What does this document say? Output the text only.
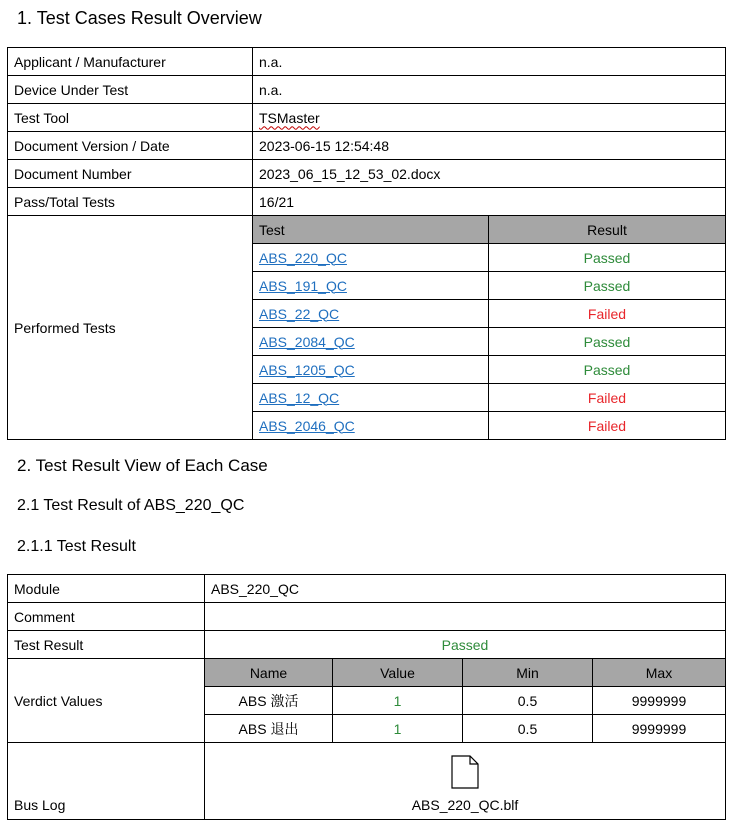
1. Test Cases Result Overview
Applicant / Manufacturer	n.a.
Device Under Test	n.a.
Test Tool	TSMaster
Document Version / Date	2023-06-15 12:54:48
Document Number	2023_06_15_12_53_02.docx
Pass/Total Tests	16/21
Performed Tests	
Test	Result
ABS_220_QC	Passed
ABS_191_QC	Passed
ABS_22_QC	Failed
ABS_2084_QC	Passed
ABS_1205_QC	Passed
ABS_12_QC	Failed
ABS_2046_QC	Failed
2. Test Result View of Each Case
2.1 Test Result of ABS_220_QC
2.1.1 Test Result
Module	ABS_220_QC
Comment	
Test Result	Passed
Verdict Values	
Name	Value	Min	Max
ABS 激活	1	0.5	9999999
ABS 退出	1	0.5	9999999

Bus Log	ABS_220_QC.blf
